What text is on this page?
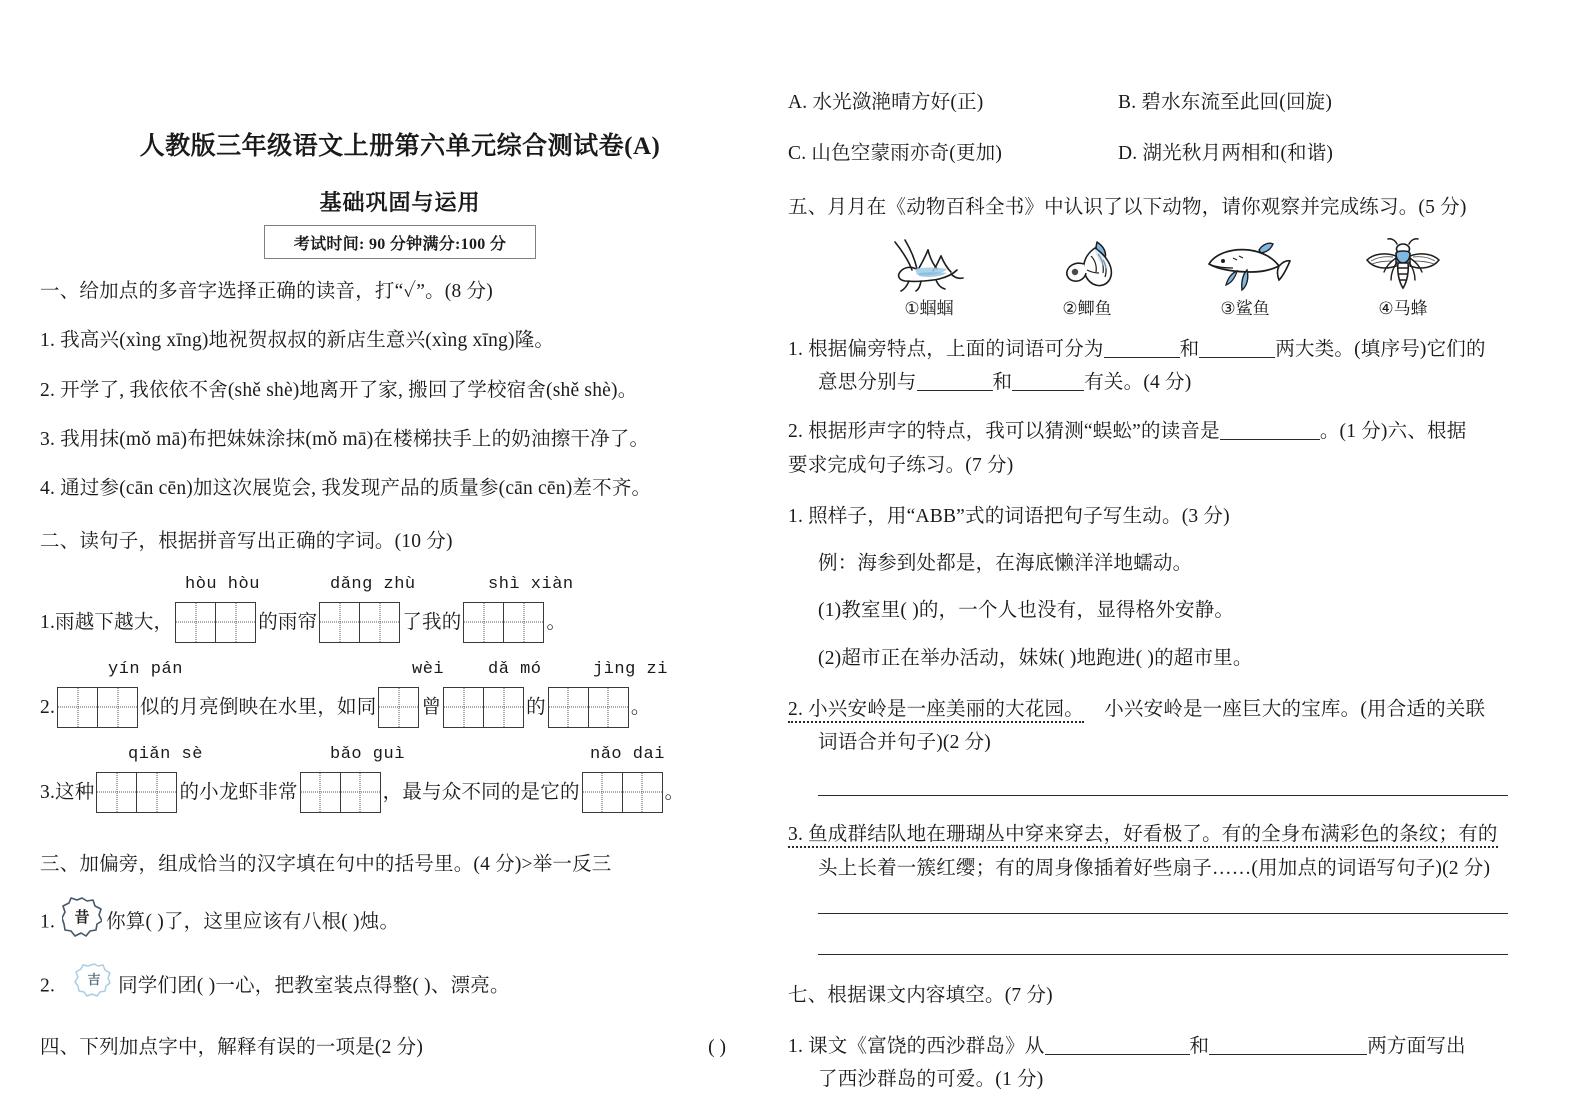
人教版三年级语文上册第六单元综合测试卷(A)
基础巩固与运用
考试时间: 90 分钟满分:100 分
一、给加点的多音字选择正确的读音，打“✓”。(8 分)
1. 我高兴(xìng xīng)地祝贺叔叔的新店生意兴(xìng xīng)隆。
2. 开学了, 我依依不舍(shě shè)地离开了家, 搬回了学校宿舍(shě shè)。
3. 我用抹(mǒ mā)布把妹妹涂抹(mǒ mā)在楼梯扶手上的奶油擦干净了。
4. 通过参(cān cēn)加这次展览会, 我发现产品的质量参(cān cēn)差不齐。
二、读句子，根据拼音写出正确的字词。(10 分)
hòu hòu	dǎng zhù	shì xiàn
1.雨越下越大，	的雨帘	了我的	。
yín pán	wèi	dǎ mó	jìng zi
2.	似的月亮倒映在水里，如同 曾	的	。
qiǎn sè	bǎo guì	nǎo dai
3.这种	的小龙虾非常	，最与众不同的是它的	。
三、加偏旁，组成恰当的汉字填在句中的括号里。(4 分)>举一反三
1.	昔 你算( )了，这里应该有八根( )烛。
2.	吉 同学们团( )一心，把教室装点得整( )、漂亮。
四、下列加点字中，解释有误的一项是(2 分)	( )
A. 水光潋滟晴方好(正)	B. 碧水东流至此回(回旋)
C. 山色空蒙雨亦奇(更加)	D. 湖光秋月两相和(和谐)
五、月月在《动物百科全书》中认识了以下动物，请你观察并完成练习。(5 分)
①蝈蝈	②鲫鱼	③鲨鱼	④马蜂
1. 根据偏旁特点，上面的词语可分为	和	两大类。(填序号)它们的
意思分别与	和	有关。(4 分)
2. 根据形声字的特点，我可以猜测“蜈蚣”的读音是	。(1 分)六、根据
要求完成句子练习。(7 分)
1. 照样子，用“ABB”式的词语把句子写生动。(3 分)
例：海参到处都是，在海底懒洋洋地蠕动。
(1)教室里( )的，一个人也没有，显得格外安静。
(2)超市正在举办活动，妹妹( )地跑进( )的超市里。
2. 小兴安岭是一座美丽的大花园。 小兴安岭是一座巨大的宝库。(用合适的关联
词语合并句子)(2 分)
3. 鱼成群结队地在珊瑚丛中穿来穿去，好看极了。有的全身布满彩色的条纹；有的
头上长着一簇红缨；有的周身像插着好些扇子……(用加点的词语写句子)(2 分)
七、根据课文内容填空。(7 分)
1. 课文《富饶的西沙群岛》从	和	两方面写出
了西沙群岛的可爱。(1 分)
